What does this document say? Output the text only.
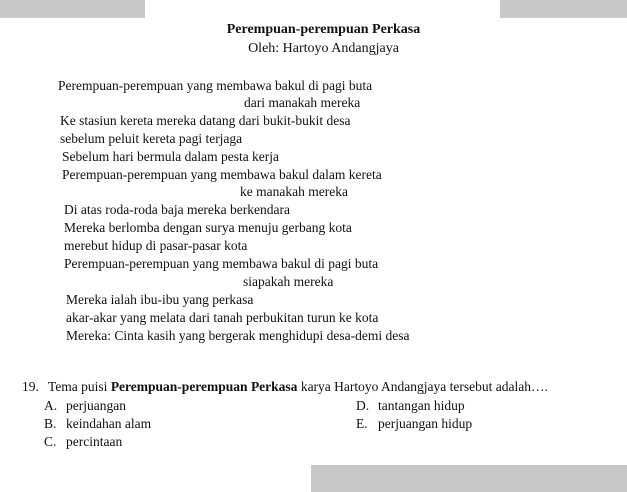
Perempuan-perempuan Perkasa
Oleh: Hartoyo Andangjaya
Perempuan-perempuan yang membawa bakul di pagi buta
dari manakah mereka
Ke stasiun kereta mereka datang dari bukit-bukit desa
sebelum peluit kereta pagi terjaga
Sebelum hari bermula dalam pesta kerja
Perempuan-perempuan yang membawa bakul dalam kereta
ke manakah mereka
Di atas roda-roda baja mereka berkendara
Mereka berlomba dengan surya menuju gerbang kota
merebut hidup di pasar-pasar kota
Perempuan-perempuan yang membawa bakul di pagi buta
siapakah mereka
Mereka ialah ibu-ibu yang perkasa
akar-akar yang melata dari tanah perbukitan turun ke kota
Mereka: Cinta kasih yang bergerak menghidupi desa-demi desa
19. Tema puisi Perempuan-perempuan Perkasa karya Hartoyo Andangjaya tersebut adalah….
A. perjuangan
B. keindahan alam
C. percintaan
D. tantangan hidup
E. perjuangan hidup
